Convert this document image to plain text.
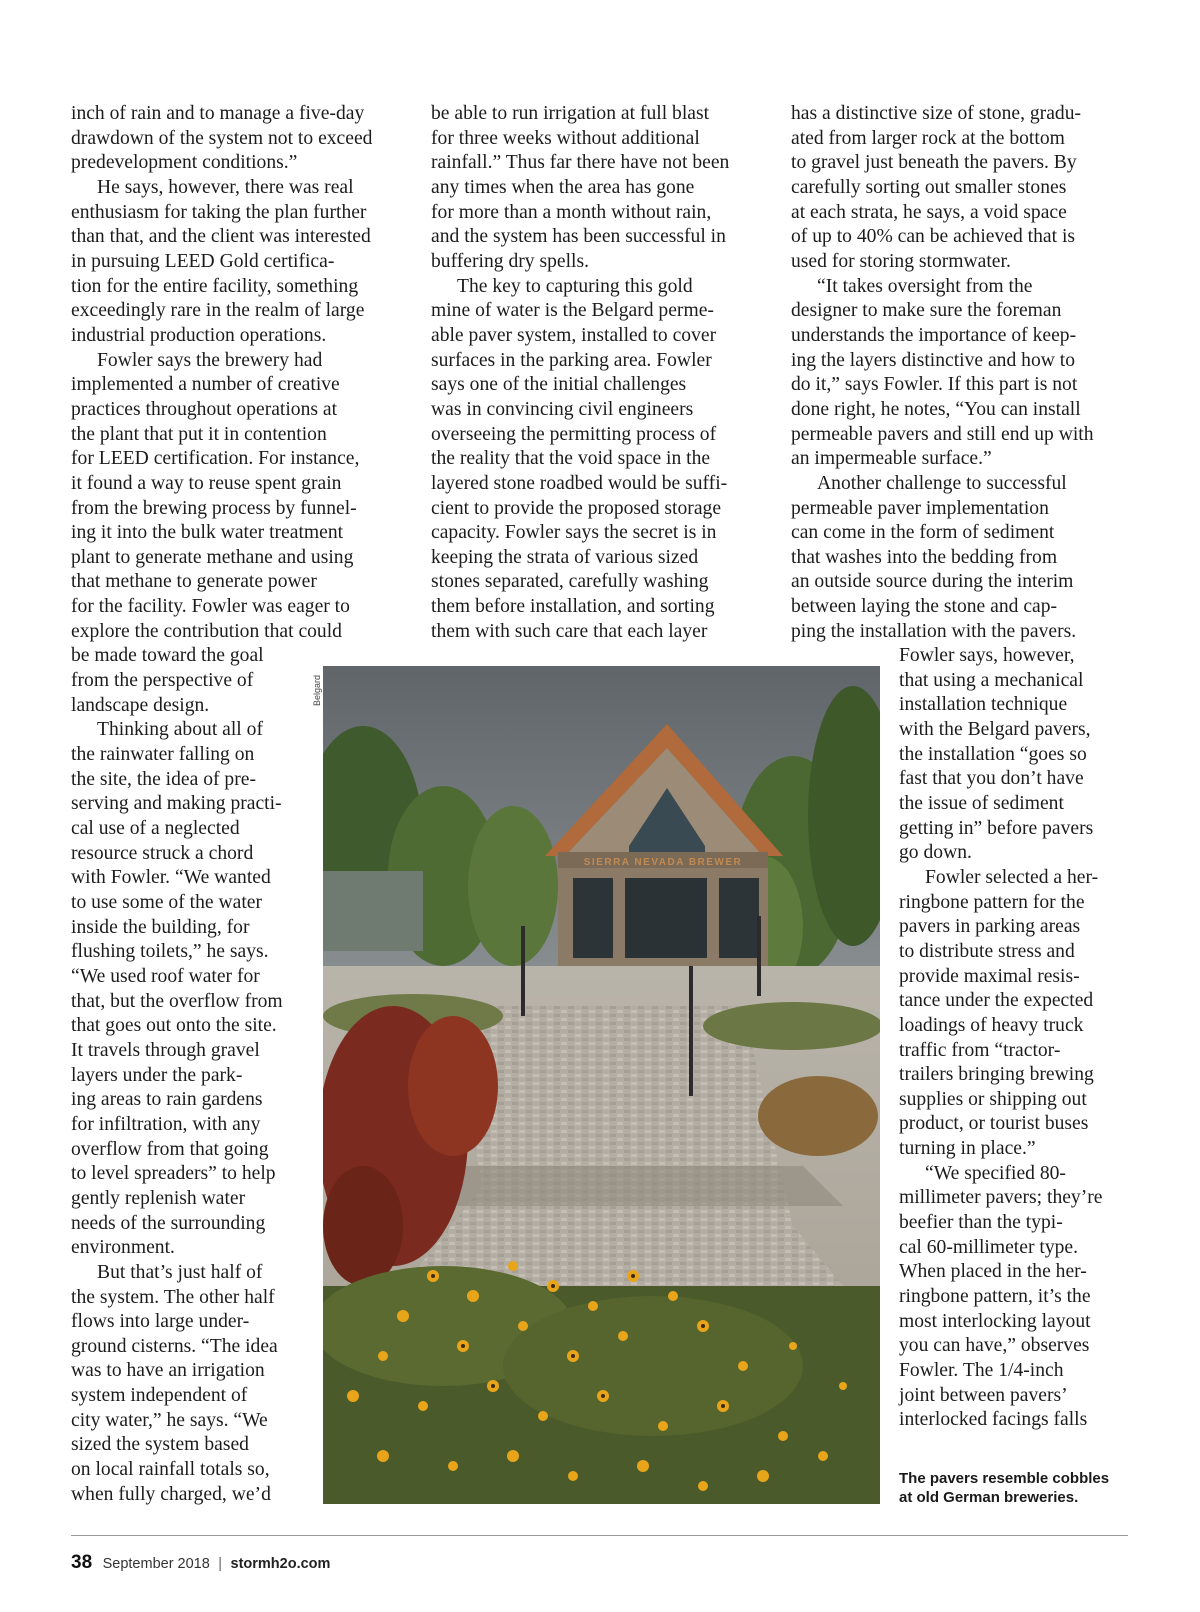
inch of rain and to manage a five-day
drawdown of the system not to exceed
predevelopment conditions.”
He says, however, there was real
enthusiasm for taking the plan further
than that, and the client was interested
in pursuing LEED Gold certifica-
tion for the entire facility, something
exceedingly rare in the realm of large
industrial production operations.
Fowler says the brewery had
implemented a number of creative
practices throughout operations at
the plant that put it in contention
for LEED certification. For instance,
it found a way to reuse spent grain
from the brewing process by funnel-
ing it into the bulk water treatment
plant to generate methane and using
that methane to generate power
for the facility. Fowler was eager to
explore the contribution that could
be made toward the goal
from the perspective of
landscape design.
Thinking about all of
the rainwater falling on
the site, the idea of pre-
serving and making practi-
cal use of a neglected
resource struck a chord
with Fowler. “We wanted
to use some of the water
inside the building, for
flushing toilets,” he says.
“We used roof water for
that, but the overflow from
that goes out onto the site.
It travels through gravel
layers under the park-
ing areas to rain gardens
for infiltration, with any
overflow from that going
to level spreaders” to help
gently replenish water
needs of the surrounding
environment.
But that’s just half of
the system. The other half
flows into large under-
ground cisterns. “The idea
was to have an irrigation
system independent of
city water,” he says. “We
sized the system based
on local rainfall totals so,
when fully charged, we’d

be able to run irrigation at full blast
for three weeks without additional
rainfall.” Thus far there have not been
any times when the area has gone
for more than a month without rain,
and the system has been successful in
buffering dry spells.
The key to capturing this gold
mine of water is the Belgard perme-
able paver system, installed to cover
surfaces in the parking area. Fowler
says one of the initial challenges
was in convincing civil engineers
overseeing the permitting process of
the reality that the void space in the
layered stone roadbed would be suffi-
cient to provide the proposed storage
capacity. Fowler says the secret is in
keeping the strata of various sized
stones separated, carefully washing
them before installation, and sorting
them with such care that each layer

has a distinctive size of stone, gradu-
ated from larger rock at the bottom
to gravel just beneath the pavers. By
carefully sorting out smaller stones
at each strata, he says, a void space
of up to 40% can be achieved that is
used for storing stormwater.
“It takes oversight from the
designer to make sure the foreman
understands the importance of keep-
ing the layers distinctive and how to
do it,” says Fowler. If this part is not
done right, he notes, “You can install
permeable pavers and still end up with
an impermeable surface.”
Another challenge to successful
permeable paver implementation
can come in the form of sediment
that washes into the bedding from
an outside source during the interim
between laying the stone and cap-
ping the installation with the pavers.

Fowler says, however,
that using a mechanical
installation technique
with the Belgard pavers,
the installation “goes so
fast that you don’t have
the issue of sediment
getting in” before pavers
go down.
Fowler selected a her-
ringbone pattern for the
pavers in parking areas
to distribute stress and
provide maximal resis-
tance under the expected
loadings of heavy truck
traffic from “tractor-
trailers bringing brewing
supplies or shipping out
product, or tourist buses
turning in place.”
“We specified 80-
millimeter pavers; they’re
beefier than the typi-
cal 60-millimeter type.
When placed in the her-
ringbone pattern, it’s the
most interlocking layout
you can have,” observes
Fowler. The 1/4-inch
joint between pavers’
interlocked facings falls

Belgard
SIERRA NEVADA BREWER
The pavers resemble cobbles
at old German breweries.
38 September 2018 | stormh2o.com
